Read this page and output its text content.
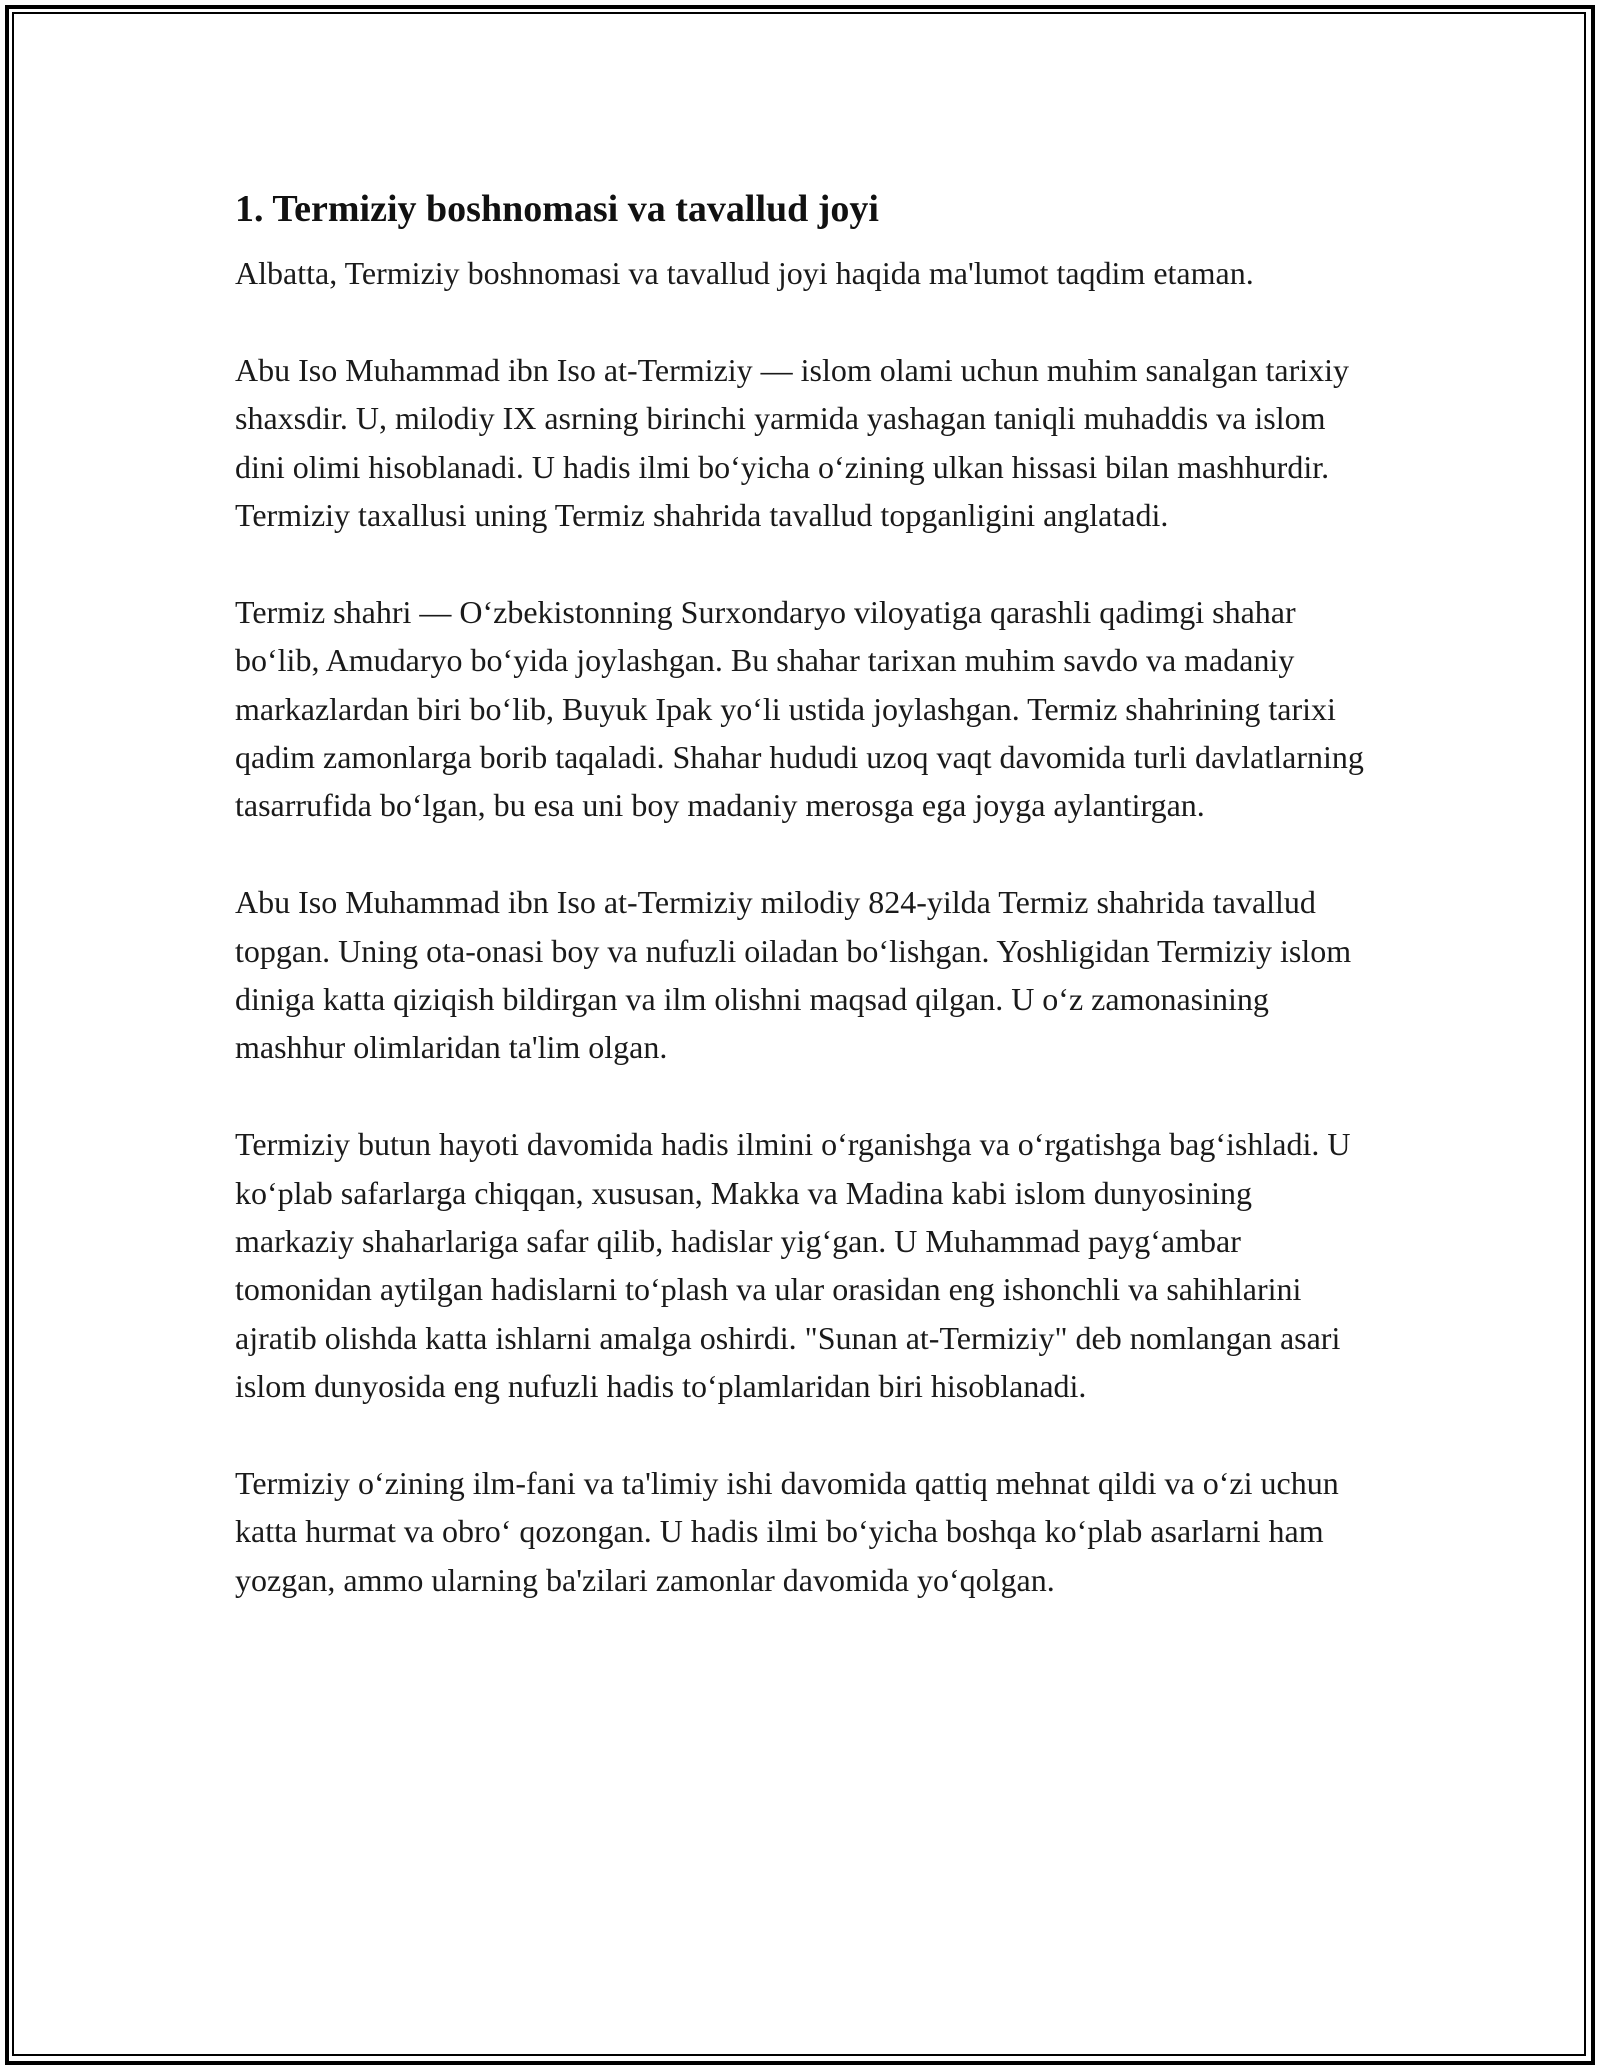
1. Termiziy boshnomasi va tavallud joyi

Albatta, Termiziy boshnomasi va tavallud joyi haqida ma'lumot taqdim etaman.

Abu Iso Muhammad ibn Iso at-Termiziy — islom olami uchun muhim sanalgan tarixiy shaxsdir. U, milodiy IX asrning birinchi yarmida yashagan taniqli muhaddis va islom dini olimi hisoblanadi. U hadis ilmi bo‘yicha o‘zining ulkan hissasi bilan mashhurdir. Termiziy taxallusi uning Termiz shahrida tavallud topganligini anglatadi.

Termiz shahri — O‘zbekistonning Surxondaryo viloyatiga qarashli qadimgi shahar bo‘lib, Amudaryo bo‘yida joylashgan. Bu shahar tarixan muhim savdo va madaniy markazlardan biri bo‘lib, Buyuk Ipak yo‘li ustida joylashgan. Termiz shahrining tarixi qadim zamonlarga borib taqaladi. Shahar hududi uzoq vaqt davomida turli davlatlarning tasarrufida bo‘lgan, bu esa uni boy madaniy merosga ega joyga aylantirgan.

Abu Iso Muhammad ibn Iso at-Termiziy milodiy 824-yilda Termiz shahrida tavallud topgan. Uning ota-onasi boy va nufuzli oiladan bo‘lishgan. Yoshligidan Termiziy islom diniga katta qiziqish bildirgan va ilm olishni maqsad qilgan. U o‘z zamonasining mashhur olimlaridan ta'lim olgan.

Termiziy butun hayoti davomida hadis ilmini o‘rganishga va o‘rgatishga bag‘ishladi. U ko‘plab safarlarga chiqqan, xususan, Makka va Madina kabi islom dunyosining markaziy shaharlariga safar qilib, hadislar yig‘gan. U Muhammad payg‘ambar tomonidan aytilgan hadislarni to‘plash va ular orasidan eng ishonchli va sahihlarini ajratib olishda katta ishlarni amalga oshirdi. "Sunan at-Termiziy" deb nomlangan asari islom dunyosida eng nufuzli hadis to‘plamlaridan biri hisoblanadi.

Termiziy o‘zining ilm-fani va ta'limiy ishi davomida qattiq mehnat qildi va o‘zi uchun katta hurmat va obro‘ qozongan. U hadis ilmi bo‘yicha boshqa ko‘plab asarlarni ham yozgan, ammo ularning ba'zilari zamonlar davomida yo‘qolgan.
